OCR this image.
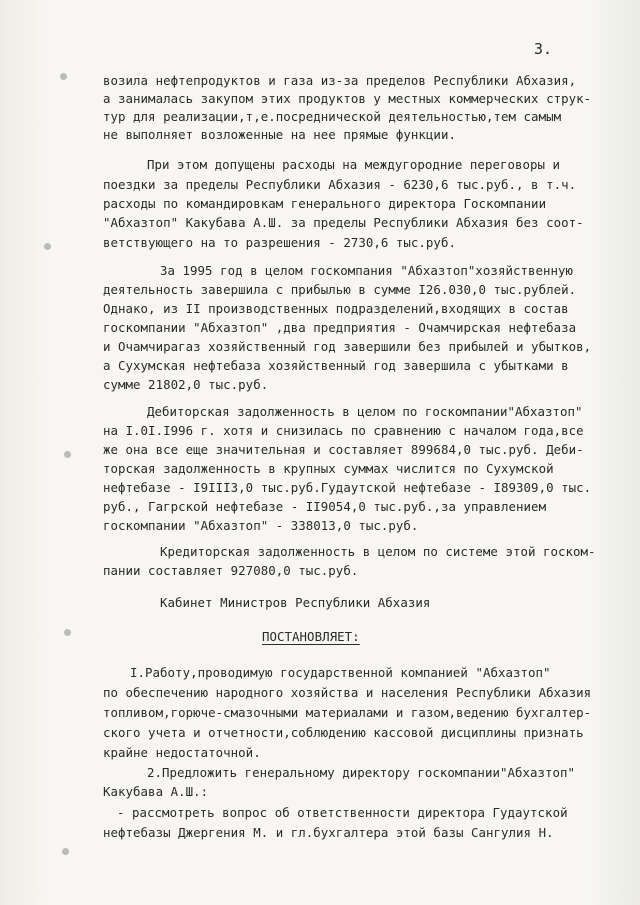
3.
возила нефтепродуктов и газа из-за пределов Республики Абхазия,
а занималась закупом этих продуктов у местных коммерческих струк-
тур для реализации,т,е.посреднической деятельностью,тем самым
не выполняет возложенные на нее прямые функции.
При этом допущены расходы на междугородние переговоры и
поездки за пределы Республики Абхазия - 6230,6 тыс.руб., в т.ч.
расходы по командировкам генерального директора Госкомпании
"Абхазтоп" Какубава А.Ш. за пределы Республики Абхазия без соот-
ветствующего на то разрешения - 2730,6 тыс.руб.
За 1995 год в целом госкомпания "Абхазтоп"хозяйственную
деятельность завершила с прибылью в сумме I26.030,0 тыс.рублей.
Однако, из II производственных подразделений,входящих в состав
госкомпании "Абхазтоп" ,два предприятия - Очамчирская нефтебаза
и Очамчирагаз хозяйственный год завершили без прибылей и убытков,
а Сухумская нефтебаза хозяйственный год завершила с убытками в
сумме 21802,0 тыс.руб.
Дебиторская задолженность в целом по госкомпании"Абхазтоп"
на I.0I.I996 г. хотя и снизилась по сравнению с началом года,все
же она все еще значительная и составляет 899684,0 тыс.руб. Деби-
торская задолженность в крупных суммах числится по Сухумской
нефтебазе - I9III3,0 тыс.руб.Гудаутской нефтебазе - I89309,0 тыс.
руб., Гагрской нефтебазе - II9054,0 тыс.руб.,за управлением
госкомпании "Абхазтоп" - 338013,0 тыс.руб.
Кредиторская задолженность в целом по системе этой госком-
пании составляет 927080,0 тыс.руб.
Кабинет Министров Республики Абхазия
ПОСТАНОВЛЯЕТ:
I.Работу,проводимую государственной компанией "Абхазтоп"
по обеспечению народного хозяйства и населения Республики Абхазия
топливом,горюче-смазочными материалами и газом,ведению бухгалтер-
ского учета и отчетности,соблюдению кассовой дисциплины признать
крайне недостаточной.
2.Предложить генеральному директору госкомпании"Абхазтоп"
Какубава А.Ш.:
- рассмотреть вопрос об ответственности директора Гудаутской
нефтебазы Джергения М. и гл.бухгалтера этой базы Сангулия Н.
